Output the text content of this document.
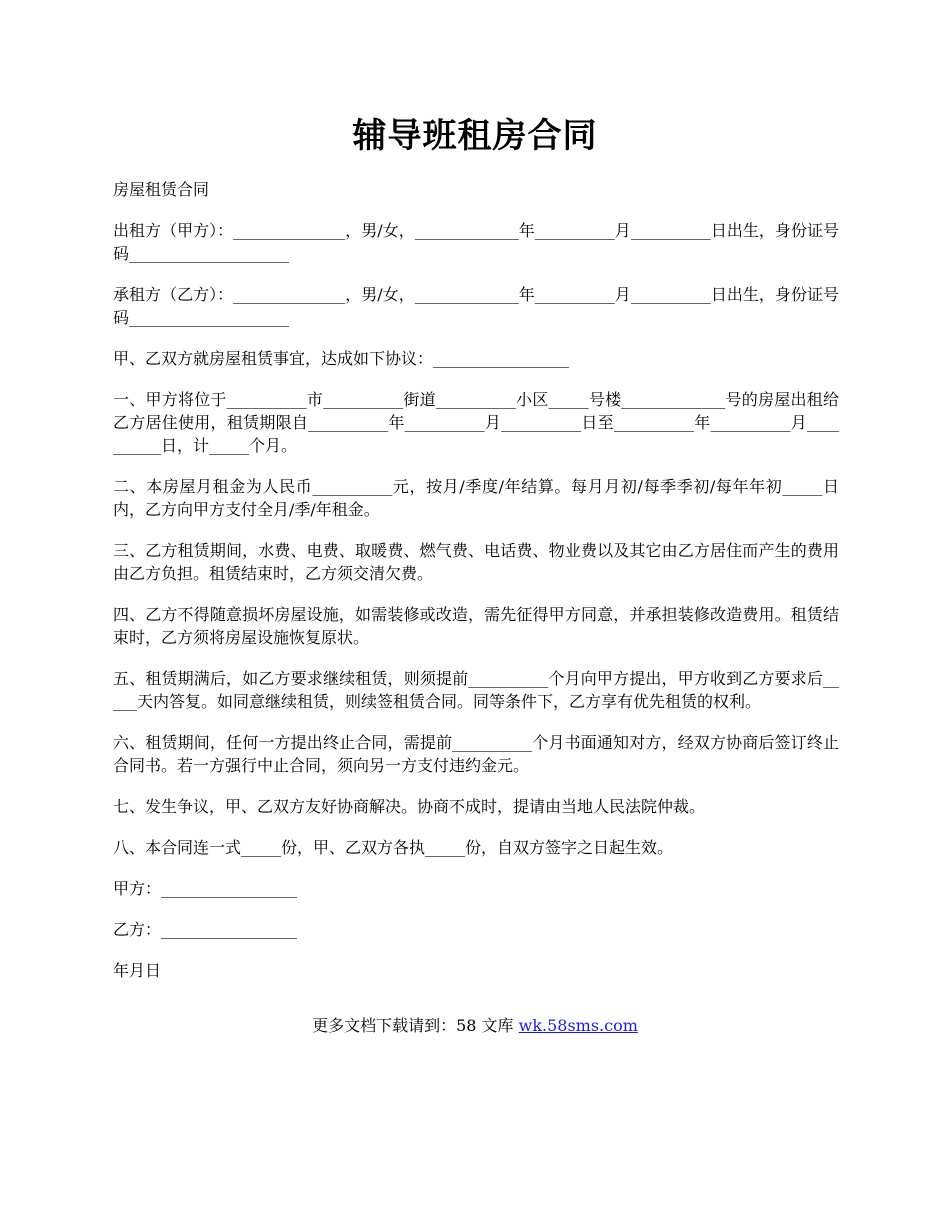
辅导班租房合同

房屋租赁合同

出租方（甲方）：______________，男/女，_____________年__________月__________日出生，身份证号码____________________

承租方（乙方）：______________，男/女，_____________年__________月__________日出生，身份证号码____________________

甲、乙双方就房屋租赁事宜，达成如下协议：_________________

一、甲方将位于__________市__________街道__________小区_____号楼_____________号的房屋出租给乙方居住使用，租赁期限自__________年__________月__________日至__________年__________月__________日，计_____个月。

二、本房屋月租金为人民币__________元，按月/季度/年结算。每月月初/每季季初/每年年初_____日内，乙方向甲方支付全月/季/年租金。

三、乙方租赁期间，水费、电费、取暖费、燃气费、电话费、物业费以及其它由乙方居住而产生的费用由乙方负担。租赁结束时，乙方须交清欠费。

四、乙方不得随意损坏房屋设施，如需装修或改造，需先征得甲方同意，并承担装修改造费用。租赁结束时，乙方须将房屋设施恢复原状。

五、租赁期满后，如乙方要求继续租赁，则须提前__________个月向甲方提出，甲方收到乙方要求后_____天内答复。如同意继续租赁，则续签租赁合同。同等条件下，乙方享有优先租赁的权利。

六、租赁期间，任何一方提出终止合同，需提前__________个月书面通知对方，经双方协商后签订终止合同书。若一方强行中止合同，须向另一方支付违约金元。

七、发生争议，甲、乙双方友好协商解决。协商不成时，提请由当地人民法院仲裁。

八、本合同连一式_____份，甲、乙双方各执_____份，自双方签字之日起生效。

甲方：_________________

乙方：_________________

年月日

更多文档下载请到：58 文库 wk.58sms.com
